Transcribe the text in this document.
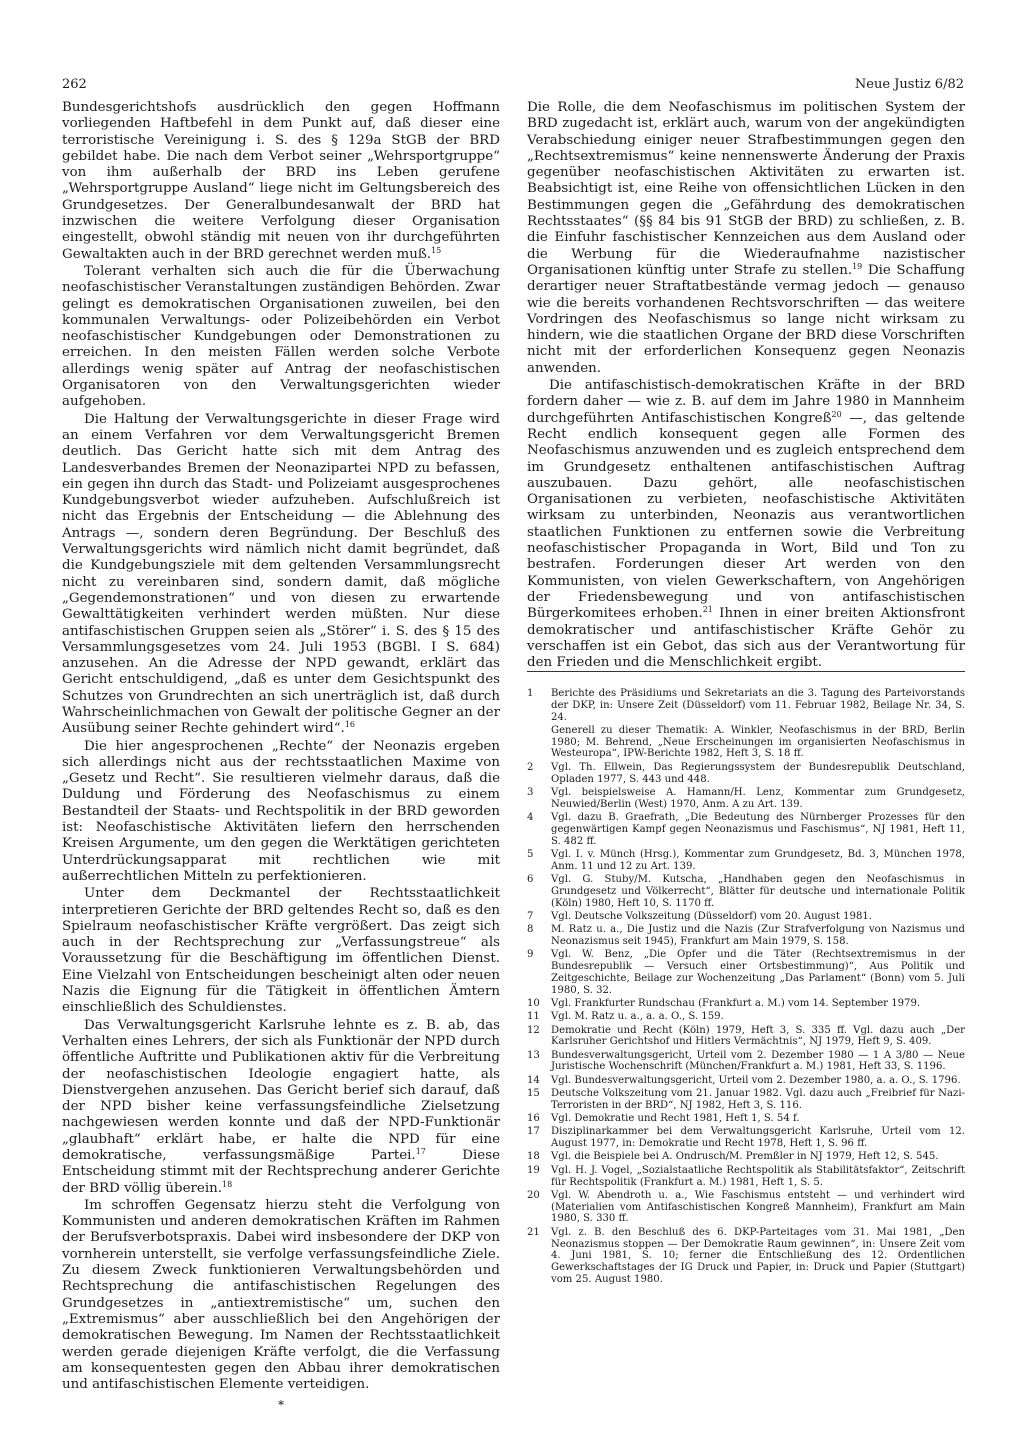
262	Neue Justiz 6/82

Bundesgerichtshofs ausdrücklich den gegen Hoffmann vorliegenden Haftbefehl in dem Punkt auf, daß dieser eine terroristische Vereinigung i. S. des § 129a StGB der BRD gebildet habe. Die nach dem Verbot seiner „Wehrsportgruppe“ von ihm außerhalb der BRD ins Leben gerufene „Wehrsportgruppe Ausland“ liege nicht im Geltungsbereich des Grundgesetzes. Der Generalbundesanwalt der BRD hat inzwischen die weitere Verfolgung dieser Organisation eingestellt, obwohl ständig mit neuen von ihr durchgeführten Gewaltakten auch in der BRD gerechnet werden muß.$^{15}$

Tolerant verhalten sich auch die für die Überwachung neofaschistischer Veranstaltungen zuständigen Behörden. Zwar gelingt es demokratischen Organisationen zuweilen, bei den kommunalen Verwaltungs- oder Polizeibehörden ein Verbot neofaschistischer Kundgebungen oder Demonstrationen zu erreichen. In den meisten Fällen werden solche Verbote allerdings wenig später auf Antrag der neofaschistischen Organisatoren von den Verwaltungsgerichten wieder aufgehoben.

Die Haltung der Verwaltungsgerichte in dieser Frage wird an einem Verfahren vor dem Verwaltungsgericht Bremen deutlich. Das Gericht hatte sich mit dem Antrag des Landesverbandes Bremen der Neonazipartei NPD zu befassen, ein gegen ihn durch das Stadt- und Polizeiamt ausgesprochenes Kundgebungsverbot wieder aufzuheben. Aufschlußreich ist nicht das Ergebnis der Entscheidung — die Ablehnung des Antrags —, sondern deren Begründung. Der Beschluß des Verwaltungsgerichts wird nämlich nicht damit begründet, daß die Kundgebungsziele mit dem geltenden Versammlungsrecht nicht zu vereinbaren sind, sondern damit, daß mögliche „Gegendemonstrationen“ und von diesen zu erwartende Gewalttätigkeiten verhindert werden müßten. Nur diese antifaschistischen Gruppen seien als „Störer“ i. S. des § 15 des Versammlungsgesetzes vom 24. Juli 1953 (BGBl. I S. 684) anzusehen. An die Adresse der NPD gewandt, erklärt das Gericht entschuldigend, „daß es unter dem Gesichtspunkt des Schutzes von Grundrechten an sich unerträglich ist, daß durch Wahrscheinlichmachen von Gewalt der politische Gegner an der Ausübung seiner Rechte gehindert wird“.$^{16}$

Die hier angesprochenen „Rechte“ der Neonazis ergeben sich allerdings nicht aus der rechtsstaatlichen Maxime von „Gesetz und Recht“. Sie resultieren vielmehr daraus, daß die Duldung und Förderung des Neofaschismus zu einem Bestandteil der Staats- und Rechtspolitik in der BRD geworden ist: Neofaschistische Aktivitäten liefern den herrschenden Kreisen Argumente, um den gegen die Werktätigen gerichteten Unterdrückungsapparat mit rechtlichen wie mit außerrechtlichen Mitteln zu perfektionieren.

Unter dem Deckmantel der Rechtsstaatlichkeit interpretieren Gerichte der BRD geltendes Recht so, daß es den Spielraum neofaschistischer Kräfte vergrößert. Das zeigt sich auch in der Rechtsprechung zur „Verfassungstreue“ als Voraussetzung für die Beschäftigung im öffentlichen Dienst. Eine Vielzahl von Entscheidungen bescheinigt alten oder neuen Nazis die Eignung für die Tätigkeit in öffentlichen Ämtern einschließlich des Schuldienstes.

Das Verwaltungsgericht Karlsruhe lehnte es z. B. ab, das Verhalten eines Lehrers, der sich als Funktionär der NPD durch öffentliche Auftritte und Publikationen aktiv für die Verbreitung der neofaschistischen Ideologie engagiert hatte, als Dienstvergehen anzusehen. Das Gericht berief sich darauf, daß der NPD bisher keine verfassungsfeindliche Zielsetzung nachgewiesen werden konnte und daß der NPD-Funktionär „glaubhaft“ erklärt habe, er halte die NPD für eine demokratische, verfassungsmäßige Partei.$^{17}$ Diese Entscheidung stimmt mit der Rechtsprechung anderer Gerichte der BRD völlig überein.$^{18}$

Im schroffen Gegensatz hierzu steht die Verfolgung von Kommunisten und anderen demokratischen Kräften im Rahmen der Berufsverbotspraxis. Dabei wird insbesondere der DKP von vornherein unterstellt, sie verfolge verfassungsfeindliche Ziele. Zu diesem Zweck funktionieren Verwaltungsbehörden und Rechtsprechung die antifaschistischen Regelungen des Grundgesetzes in „antiextremistische“ um, suchen den „Extremismus“ aber ausschließlich bei den Angehörigen der demokratischen Bewegung. Im Namen der Rechtsstaatlichkeit werden gerade diejenigen Kräfte verfolgt, die die Verfassung am konsequentesten gegen den Abbau ihrer demokratischen und antifaschistischen Elemente verteidigen.

*

Die Rolle, die dem Neofaschismus im politischen System der BRD zugedacht ist, erklärt auch, warum von der angekündigten Verabschiedung einiger neuer Strafbestimmungen gegen den „Rechtsextremismus“ keine nennenswerte Änderung der Praxis gegenüber neofaschistischen Aktivitäten zu erwarten ist. Beabsichtigt ist, eine Reihe von offensichtlichen Lücken in den Bestimmungen gegen die „Gefährdung des demokratischen Rechtsstaates“ (§§ 84 bis 91 StGB der BRD) zu schließen, z. B. die Einfuhr faschistischer Kennzeichen aus dem Ausland oder die Werbung für die Wiederaufnahme nazistischer Organisationen künftig unter Strafe zu stellen.$^{19}$ Die Schaffung derartiger neuer Straftatbestände vermag jedoch — genauso wie die bereits vorhandenen Rechtsvorschriften — das weitere Vordringen des Neofaschismus so lange nicht wirksam zu hindern, wie die staatlichen Organe der BRD diese Vorschriften nicht mit der erforderlichen Konsequenz gegen Neonazis anwenden.

Die antifaschistisch-demokratischen Kräfte in der BRD fordern daher — wie z. B. auf dem im Jahre 1980 in Mannheim durchgeführten Antifaschistischen Kongreß$^{20}$ —, das geltende Recht endlich konsequent gegen alle Formen des Neofaschismus anzuwenden und es zugleich entsprechend dem im Grundgesetz enthaltenen antifaschistischen Auftrag auszubauen. Dazu gehört, alle neofaschistischen Organisationen zu verbieten, neofaschistische Aktivitäten wirksam zu unterbinden, Neonazis aus verantwortlichen staatlichen Funktionen zu entfernen sowie die Verbreitung neofaschistischer Propaganda in Wort, Bild und Ton zu bestrafen. Forderungen dieser Art werden von den Kommunisten, von vielen Gewerkschaftern, von Angehörigen der Friedensbewegung und von antifaschistischen Bürgerkomitees erhoben.$^{21}$ Ihnen in einer breiten Aktionsfront demokratischer und antifaschistischer Kräfte Gehör zu verschaffen ist ein Gebot, das sich aus der Verantwortung für den Frieden und die Menschlichkeit ergibt.

1	Berichte des Präsidiums und Sekretariats an die 3. Tagung des Parteivorstands der DKP, in: Unsere Zeit (Düsseldorf) vom 11. Februar 1982, Beilage Nr. 34, S. 24.
Generell zu dieser Thematik: A. Winkler, Neofaschismus in der BRD, Berlin 1980; M. Behrend, „Neue Erscheinungen im organisierten Neofaschismus in Westeuropa“, IPW-Berichte 1982, Heft 3, S. 18 ff.
2	Vgl. Th. Ellwein, Das Regierungssystem der Bundesrepublik Deutschland, Opladen 1977, S. 443 und 448.
3	Vgl. beispielsweise A. Hamann/H. Lenz, Kommentar zum Grundgesetz, Neuwied/Berlin (West) 1970, Anm. A zu Art. 139.
4	Vgl. dazu B. Graefrath, „Die Bedeutung des Nürnberger Prozesses für den gegenwärtigen Kampf gegen Neonazismus und Faschismus“, NJ 1981, Heft 11, S. 482 ff.
5	Vgl. I. v. Münch (Hrsg.), Kommentar zum Grundgesetz, Bd. 3, München 1978, Anm. 11 und 12 zu Art. 139.
6	Vgl. G. Stuby/M. Kutscha, „Handhaben gegen den Neofaschismus in Grundgesetz und Völkerrecht“, Blätter für deutsche und internationale Politik (Köln) 1980, Heft 10, S. 1170 ff.
7	Vgl. Deutsche Volkszeitung (Düsseldorf) vom 20. August 1981.
8	M. Ratz u. a., Die Justiz und die Nazis (Zur Strafverfolgung von Nazismus und Neonazismus seit 1945), Frankfurt am Main 1979, S. 158.
9	Vgl. W. Benz, „Die Opfer und die Täter (Rechtsextremismus in der Bundesrepublik — Versuch einer Ortsbestimmung)“, Aus Politik und Zeitgeschichte, Beilage zur Wochenzeitung „Das Parlament“ (Bonn) vom 5. Juli 1980, S. 32.
10	Vgl. Frankfurter Rundschau (Frankfurt a. M.) vom 14. September 1979.
11	Vgl. M. Ratz u. a., a. a. O., S. 159.
12	Demokratie und Recht (Köln) 1979, Heft 3, S. 335 ff. Vgl. dazu auch „Der Karlsruher Gerichtshof und Hitlers Vermächtnis“, NJ 1979, Heft 9, S. 409.
13	Bundesverwaltungsgericht, Urteil vom 2. Dezember 1980 — 1 A 3/80 — Neue Juristische Wochenschrift (München/Frankfurt a. M.) 1981, Heft 33, S. 1196.
14	Vgl. Bundesverwaltungsgericht, Urteil vom 2. Dezember 1980, a. a. O., S. 1796.
15	Deutsche Volkszeitung vom 21. Januar 1982. Vgl. dazu auch „Freibrief für Nazi-Terroristen in der BRD“, NJ 1982, Heft 3, S. 116.
16	Vgl. Demokratie und Recht 1981, Heft 1, S. 54 f.
17	Disziplinarkammer bei dem Verwaltungsgericht Karlsruhe, Urteil vom 12. August 1977, in: Demokratie und Recht 1978, Heft 1, S. 96 ff.
18	Vgl. die Beispiele bei A. Ondrusch/M. Premßler in NJ 1979, Heft 12, S. 545.
19	Vgl. H. J. Vogel, „Sozialstaatliche Rechtspolitik als Stabilitätsfaktor“, Zeitschrift für Rechtspolitik (Frankfurt a. M.) 1981, Heft 1, S. 5.
20	Vgl. W. Abendroth u. a., Wie Faschismus entsteht — und verhindert wird (Materialien vom Antifaschistischen Kongreß Mannheim), Frankfurt am Main 1980, S. 330 ff.
21	Vgl. z. B. den Beschluß des 6. DKP-Parteitages vom 31. Mai 1981, „Den Neonazismus stoppen — Der Demokratie Raum gewinnen“, in: Unsere Zeit vom 4. Juni 1981, S. 10; ferner die Entschließung des 12. Ordentlichen Gewerkschaftstages der IG Druck und Papier, in: Druck und Papier (Stuttgart) vom 25. August 1980.
